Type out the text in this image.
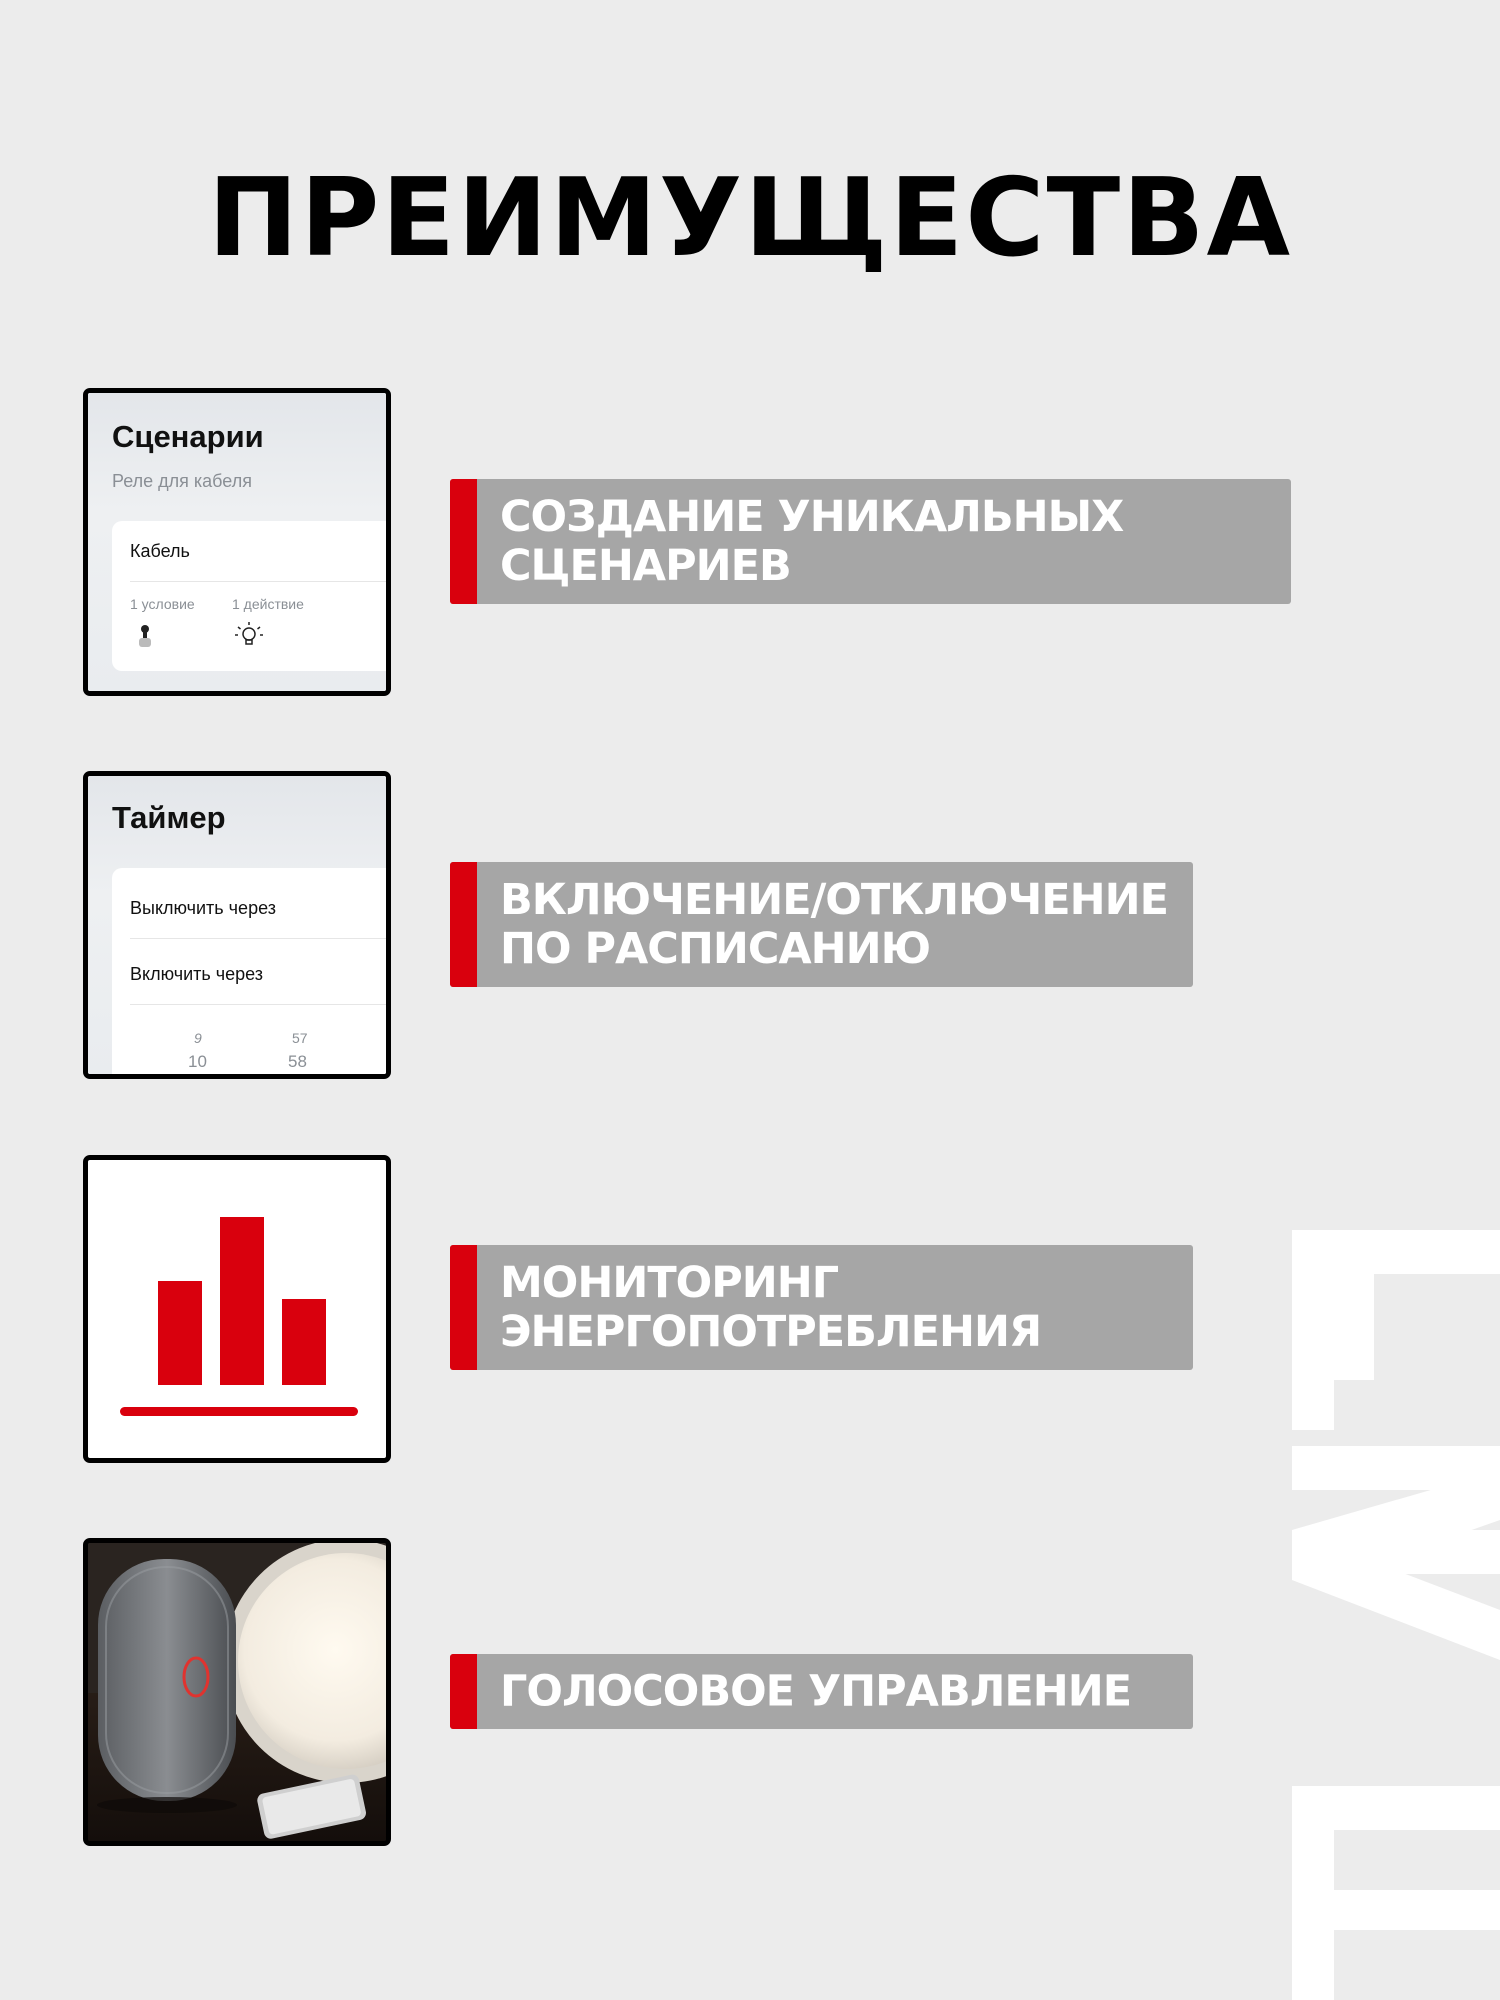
ПРЕИМУЩЕСТВА
Сценарии
Реле для кабеля
Кабель
1 условие	1 действие
Таймер
Выключить через
Включить через
9	57
10	58
СОЗДАНИЕ УНИКАЛЬНЫХ
СЦЕНАРИЕВ
ВКЛЮЧЕНИЕ/ОТКЛЮЧЕНИЕ
ПО РАСПИСАНИЮ
МОНИТОРИНГ
ЭНЕРГОПОТРЕБЛЕНИЯ
ГОЛОСОВОЕ УПРАВЛЕНИЕ
